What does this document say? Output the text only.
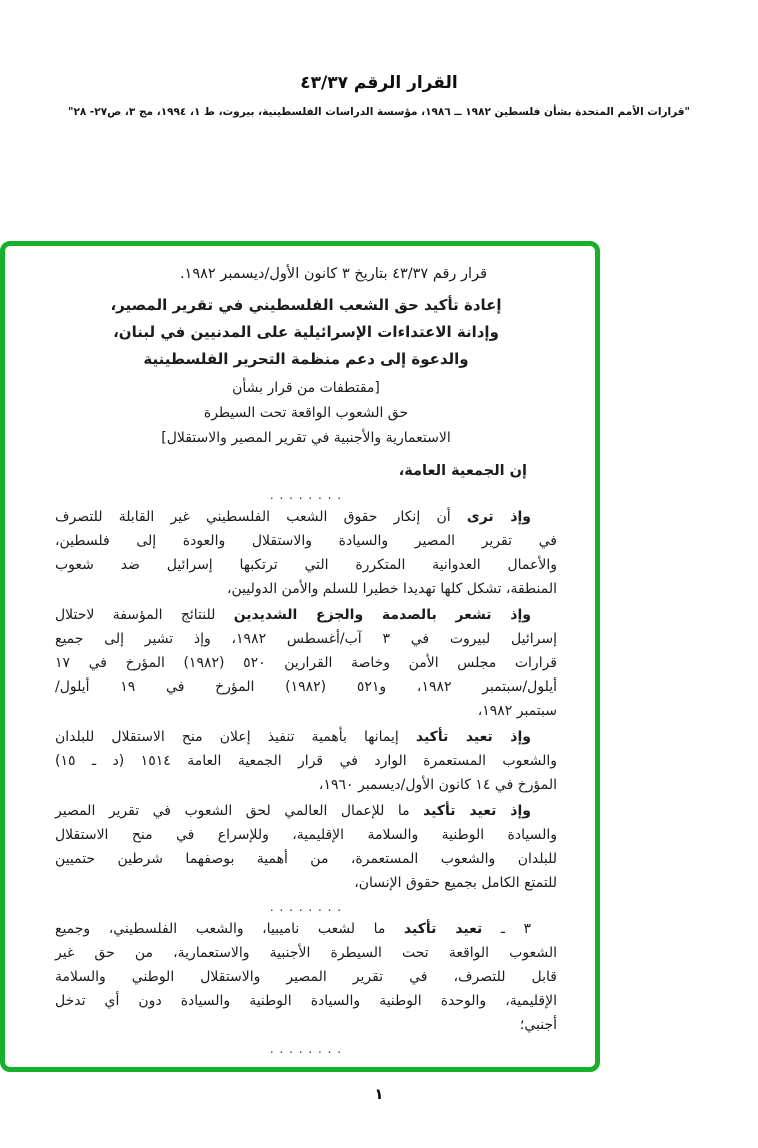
القرار الرقم ٤٣/٣٧
"قرارات الأمم المتحدة بشأن فلسطين ١٩٨٢ ــ ١٩٨٦، مؤسسة الدراسات الفلسطينية، بيروت، ط ١، ١٩٩٤، مج ٣، ص٢٧- ٢٨"
قرار رقم ٤٣/٣٧ بتاريخ ٣ كانون الأول/ديسمبر ١٩٨٢.
إعادة تأكيد حق الشعب الفلسطيني في تقرير المصير،
وإدانة الاعتداءات الإسرائيلية على المدنيين في لبنان،
والدعوة إلى دعم منظمة التحرير الفلسطينية
[مقتطفات من قرار بشأن
حق الشعوب الواقعة تحت السيطرة
الاستعمارية والأجنبية في تقرير المصير والاستقلال]
إن الجمعية العامة،
. . . . . . . .
وإذ ترى أن إنكار حقوق الشعب الفلسطيني غير القابلة للتصرف
في تقرير المصير والسيادة والاستقلال والعودة إلى فلسطين،
والأعمال العدوانية المتكررة التي ترتكبها إسرائيل ضد شعوب
المنطقة، تشكل كلها تهديدا خطيرا للسلم والأمن الدوليين،
وإذ تشعر بالصدمة والجزع الشديدين للنتائج المؤسفة لاحتلال
إسرائيل لبيروت في ٣ آب/أغسطس ١٩٨٢، وإذ تشير إلى جميع
قرارات مجلس الأمن وخاصة القرارين ٥٢٠ (١٩٨٢) المؤرخ في ١٧
أيلول/سبتمبر ١٩٨٢، و٥٢١ (١٩٨٢) المؤرخ في ١٩ أيلول/
سبتمبر ١٩٨٢،
وإذ تعيد تأكيد إيمانها بأهمية تنفيذ إعلان منح الاستقلال للبلدان
والشعوب المستعمرة الوارد في قرار الجمعية العامة ١٥١٤ (د ـ ١٥)
المؤرخ في ١٤ كانون الأول/ديسمبر ١٩٦٠،
وإذ تعيد تأكيد ما للإعمال العالمي لحق الشعوب في تقرير المصير
والسيادة الوطنية والسلامة الإقليمية، وللإسراع في منح الاستقلال
للبلدان والشعوب المستعمرة، من أهمية بوصفهما شرطين حتميين
للتمتع الكامل بجميع حقوق الإنسان،
. . . . . . . .
٣ ـ تعيد تأكيد ما لشعب ناميبيا، والشعب الفلسطيني، وجميع
الشعوب الواقعة تحت السيطرة الأجنبية والاستعمارية، من حق غير
قابل للتصرف، في تقرير المصير والاستقلال الوطني والسلامة
الإقليمية، والوحدة الوطنية والسيادة الوطنية والسيادة دون أي تدخل
أجنبي؛
. . . . . . . .
١
